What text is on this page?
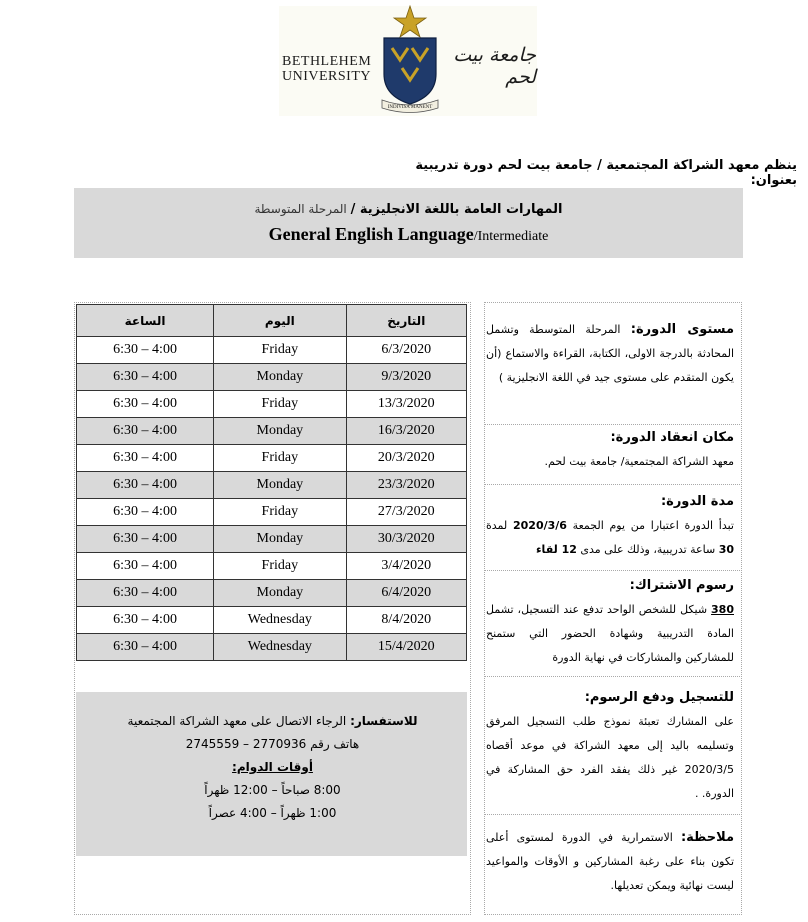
BETHLEHEM
UNIVERSITY
INDIVISA MANENT
جامعة بيت لحم
ينظم معهد الشراكة المجتمعية / جامعة بيت لحم دورة تدريبية بعنوان:
المهارات العامة باللغة الانجليزية / المرحلة المتوسطة
General English Language/Intermediate
الساعة	اليوم	التاريخ
6:30 – 4:00	Friday	6/3/2020
6:30 – 4:00	Monday	9/3/2020
6:30 – 4:00	Friday	13/3/2020
6:30 – 4:00	Monday	16/3/2020
6:30 – 4:00	Friday	20/3/2020
6:30 – 4:00	Monday	23/3/2020
6:30 – 4:00	Friday	27/3/2020
6:30 – 4:00	Monday	30/3/2020
6:30 – 4:00	Friday	3/4/2020
6:30 – 4:00	Monday	6/4/2020
6:30 – 4:00	Wednesday	8/4/2020
6:30 – 4:00	Wednesday	15/4/2020
للاستفسار: الرجاء الاتصال على معهد الشراكة المجتمعية
هاتف رقم 2770936 – 2745559
أوقات الدوام:
8:00 صباحاً – 12:00 ظهراً
1:00 ظهراً – 4:00 عصراً
مستوى الدورة: المرحلة المتوسطة وتشمل المحادثة بالدرجة الاولى، الكتابة، القراءة والاستماع (أن يكون المتقدم على مستوى جيد في اللغة الانجليزية )
مكان انعقاد الدورة:
معهد الشراكة المجتمعية/ جامعة بيت لحم.
مدة الدورة:
تبدأ الدورة اعتبارا من يوم الجمعة 2020/3/6 لمدة 30 ساعة تدريبية، وذلك على مدى 12 لقاء
رسوم الاشتراك:
380 شيكل للشخص الواحد تدفع عند التسجيل، تشمل المادة التدريبية وشهادة الحضور التي ستمنح للمشاركين والمشاركات في نهاية الدورة
للتسجيل ودفع الرسوم:
على المشارك تعبئة نموذج طلب التسجيل المرفق وتسليمه باليد إلى معهد الشراكة في موعد أقصاه 2020/3/5 غير ذلك يفقد الفرد حق المشاركة في الدورة. .
ملاحظة: الاستمرارية في الدورة لمستوى أعلى تكون بناء على رغبة المشاركين و الأوقات والمواعيد ليست نهائية ويمكن تعديلها.
